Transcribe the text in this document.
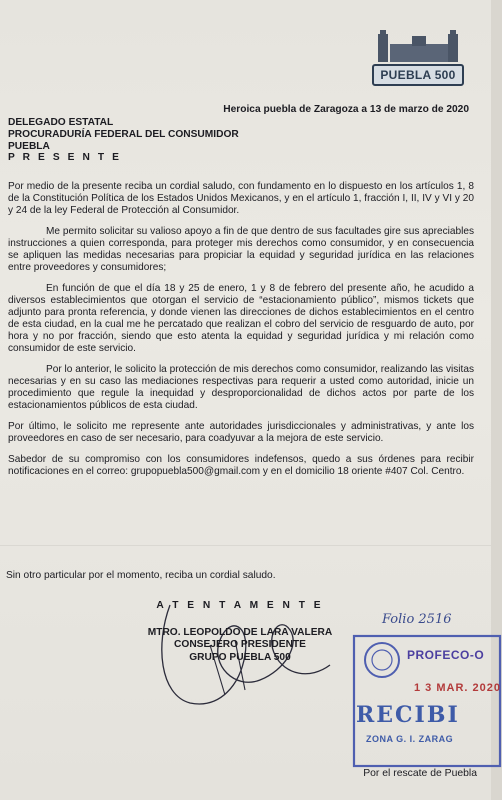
PUEBLA 500
Heroica puebla de Zaragoza a 13 de marzo de 2020
DELEGADO ESTATAL
PROCURADURÍA FEDERAL DEL CONSUMIDOR
PUEBLA
P R E S E N T E

Por medio de la presente reciba un cordial saludo, con fundamento en lo dispuesto en los artículos 1, 8 de la Constitución Política de los Estados Unidos Mexicanos, y en el artículo 1, fracción I, II, IV y VI y 20 y 24 de la ley Federal de Protección al Consumidor.

Me permito solicitar su valioso apoyo a fin de que dentro de sus facultades gire sus apreciables instrucciones a quien corresponda, para proteger mis derechos como consumidor, y en consecuencia se apliquen las medidas necesarias para propiciar la equidad y seguridad jurídica en las relaciones entre proveedores y consumidores;

En función de que el día 18 y 25 de enero, 1 y 8 de febrero del presente año, he acudido a diversos establecimientos que otorgan el servicio de “estacionamiento público”, mismos tickets que adjunto para pronta referencia, y donde vienen las direcciones de dichos establecimientos en el centro de esta ciudad, en la cual me he percatado que realizan el cobro del servicio de resguardo de auto, por hora y no por fracción, siendo que esto atenta la equidad y seguridad jurídica y mi relación como consumidor de este servicio.

Por lo anterior, le solicito la protección de mis derechos como consumidor, realizando las visitas necesarias y en su caso las mediaciones respectivas para requerir a usted como autoridad, inicie un procedimiento que regule la inequidad y desproporcionalidad de dichos actos por parte de los estacionamientos públicos de esta ciudad.

Por último, le solicito me represente ante autoridades jurisdiccionales y administrativas, y ante los proveedores en caso de ser necesario, para coadyuvar a la mejora de este servicio.

Sabedor de su compromiso con los consumidores indefensos, quedo a sus órdenes para recibir notificaciones en el correo: grupopuebla500@gmail.com y en el domicilio 18 oriente #407 Col. Centro.

Sin otro particular por el momento, reciba un cordial saludo.
A T E N T A M E N T E
MTRO. LEOPOLDO DE LARA VALERA
CONSEJERO PRESIDENTE
GRUPO PUEBLA 500
Folio 2516
PROFECO-O
1 3 MAR. 2020
RECIBI
ZONA G. I. ZARAG
Por el rescate de Puebla
